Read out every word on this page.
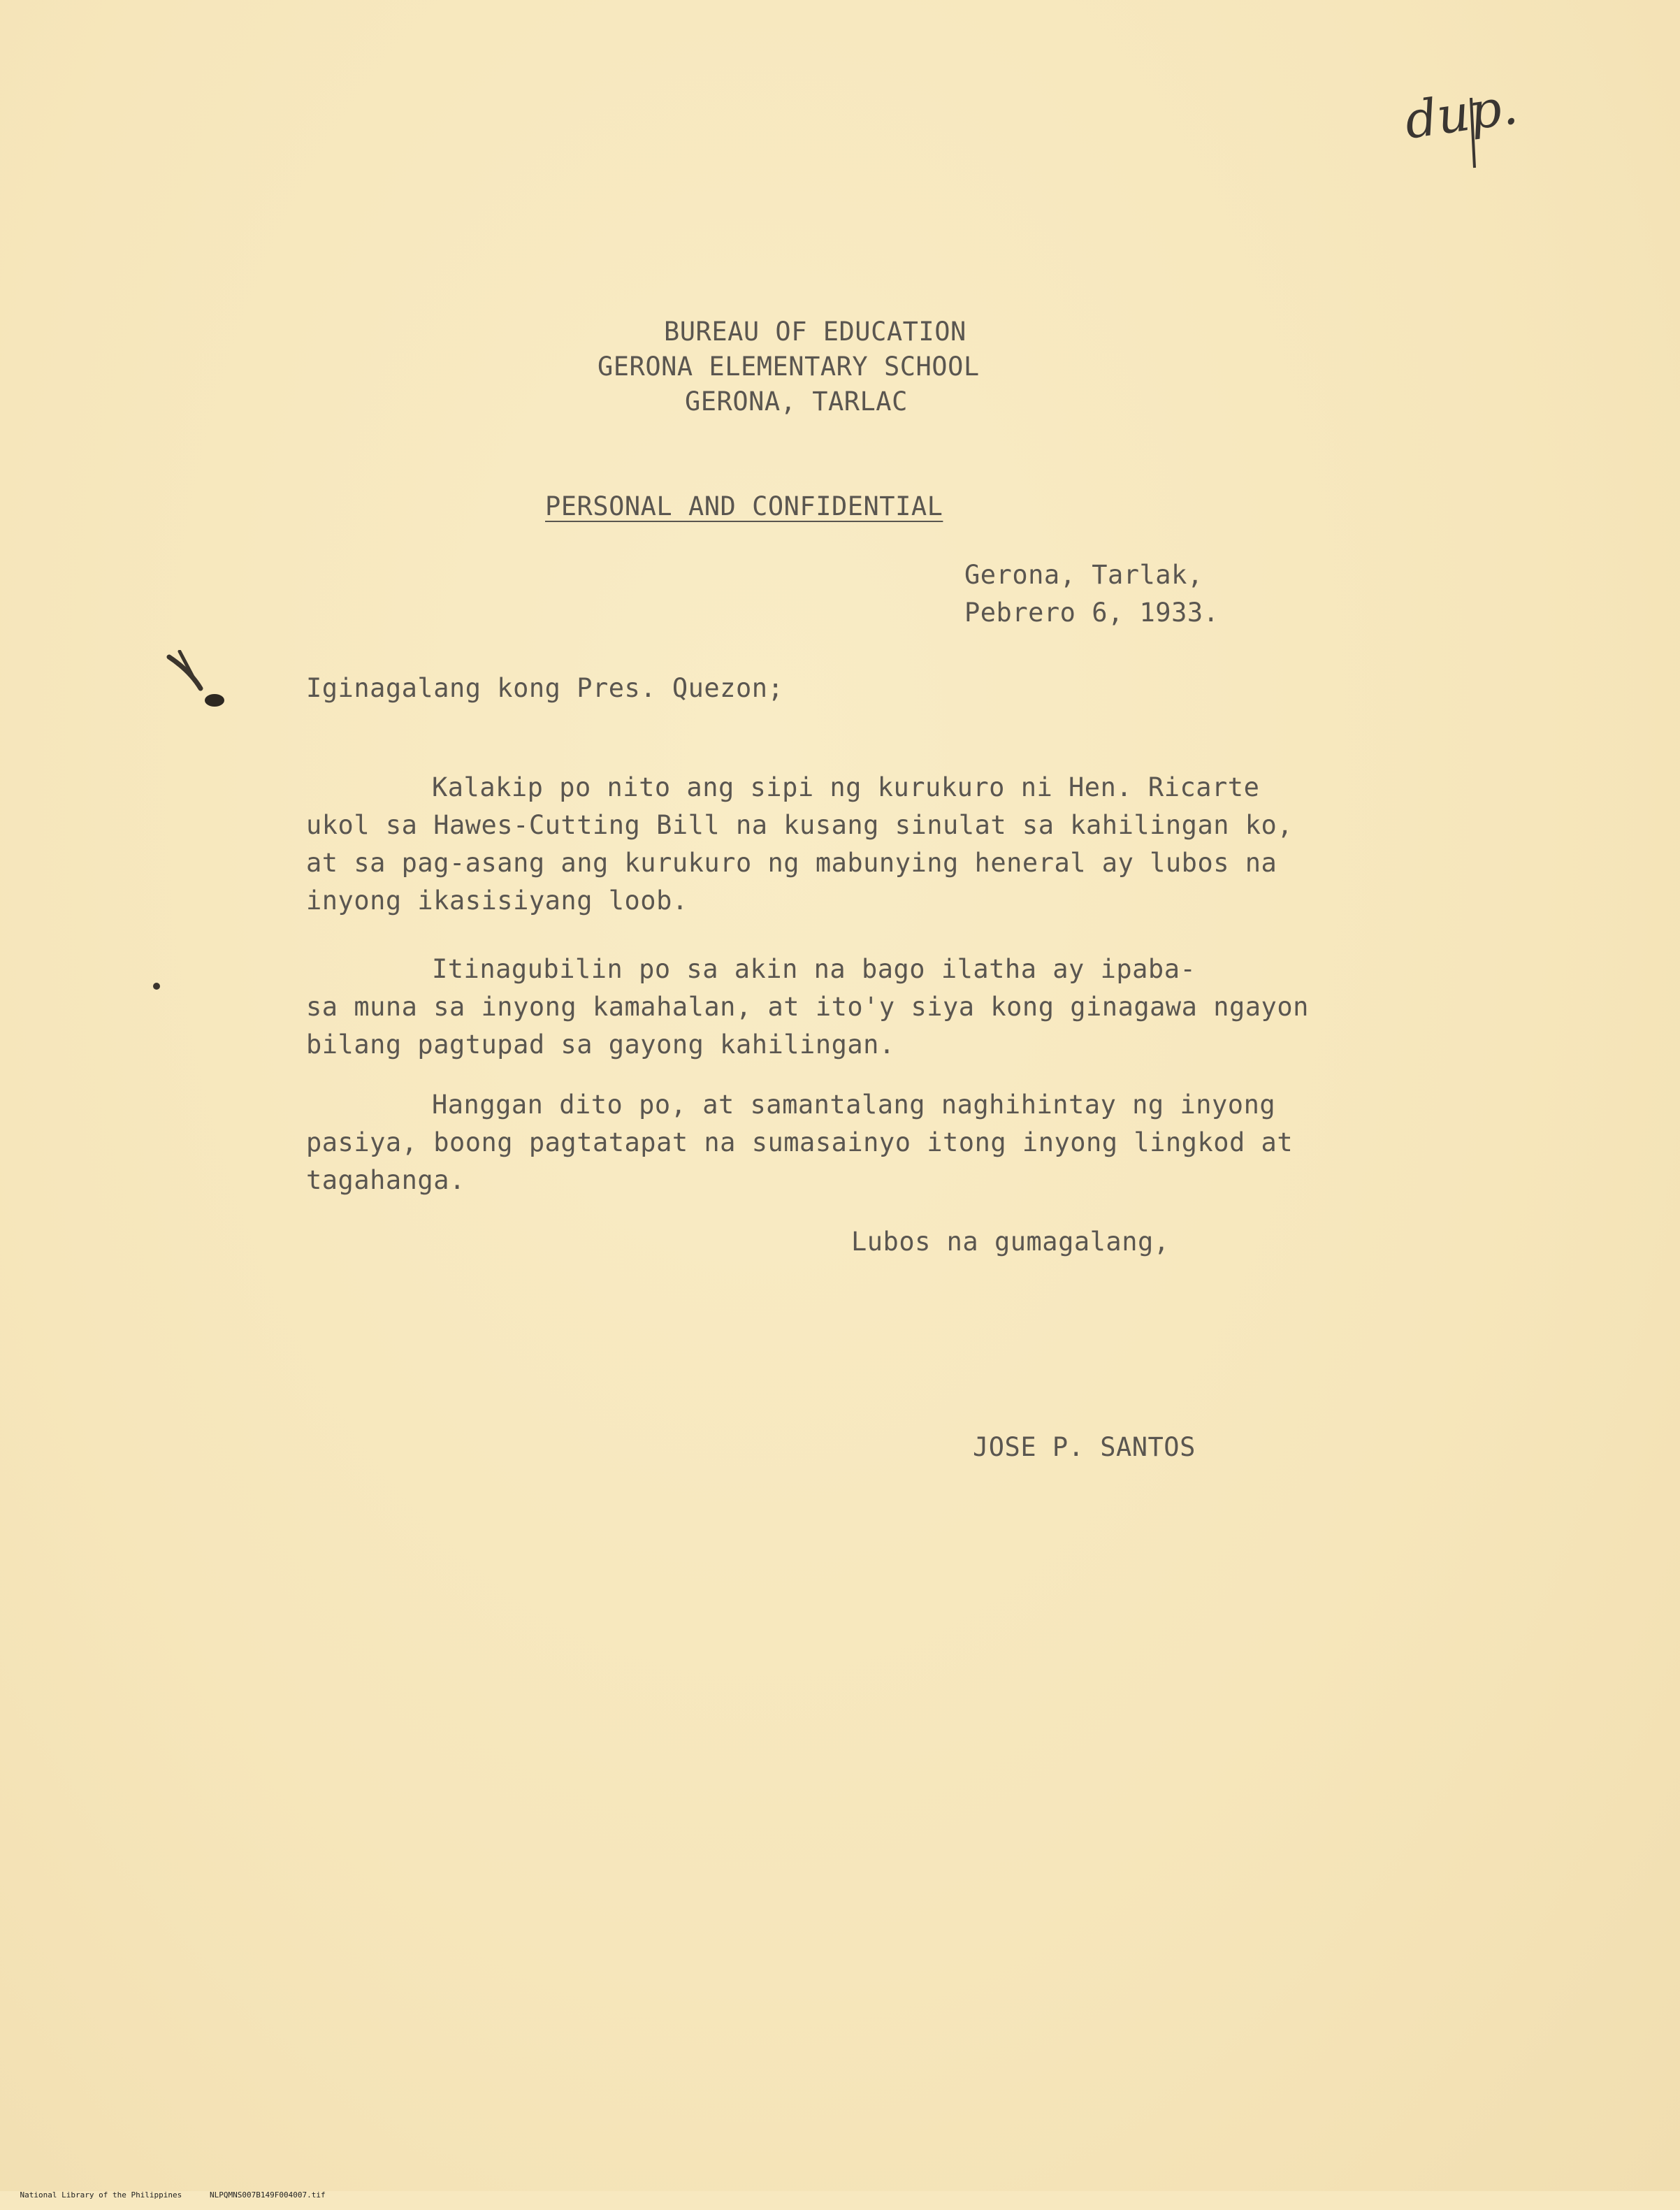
dup.
BUREAU OF EDUCATION
GERONA ELEMENTARY SCHOOL
GERONA, TARLAC
PERSONAL AND CONFIDENTIAL
Gerona, Tarlak,
Pebrero 6, 1933.
Iginagalang kong Pres. Quezon;
Kalakip po nito ang sipi ng kurukuro ni Hen. Ricarte
ukol sa Hawes-Cutting Bill na kusang sinulat sa kahilingan ko,
at sa pag-asang ang kurukuro ng mabunying heneral ay lubos na
inyong ikasisiyang loob.
Itinagubilin po sa akin na bago ilatha ay ipaba-
sa muna sa inyong kamahalan, at ito'y siya kong ginagawa ngayon
bilang pagtupad sa gayong kahilingan.
Hanggan dito po, at samantalang naghihintay ng inyong
pasiya, boong pagtatapat na sumasainyo itong inyong lingkod at
tagahanga.
Lubos na gumagalang,
JOSE P. SANTOS

National Library of the Philippines	NLPQMNS007B149F004007.tif
